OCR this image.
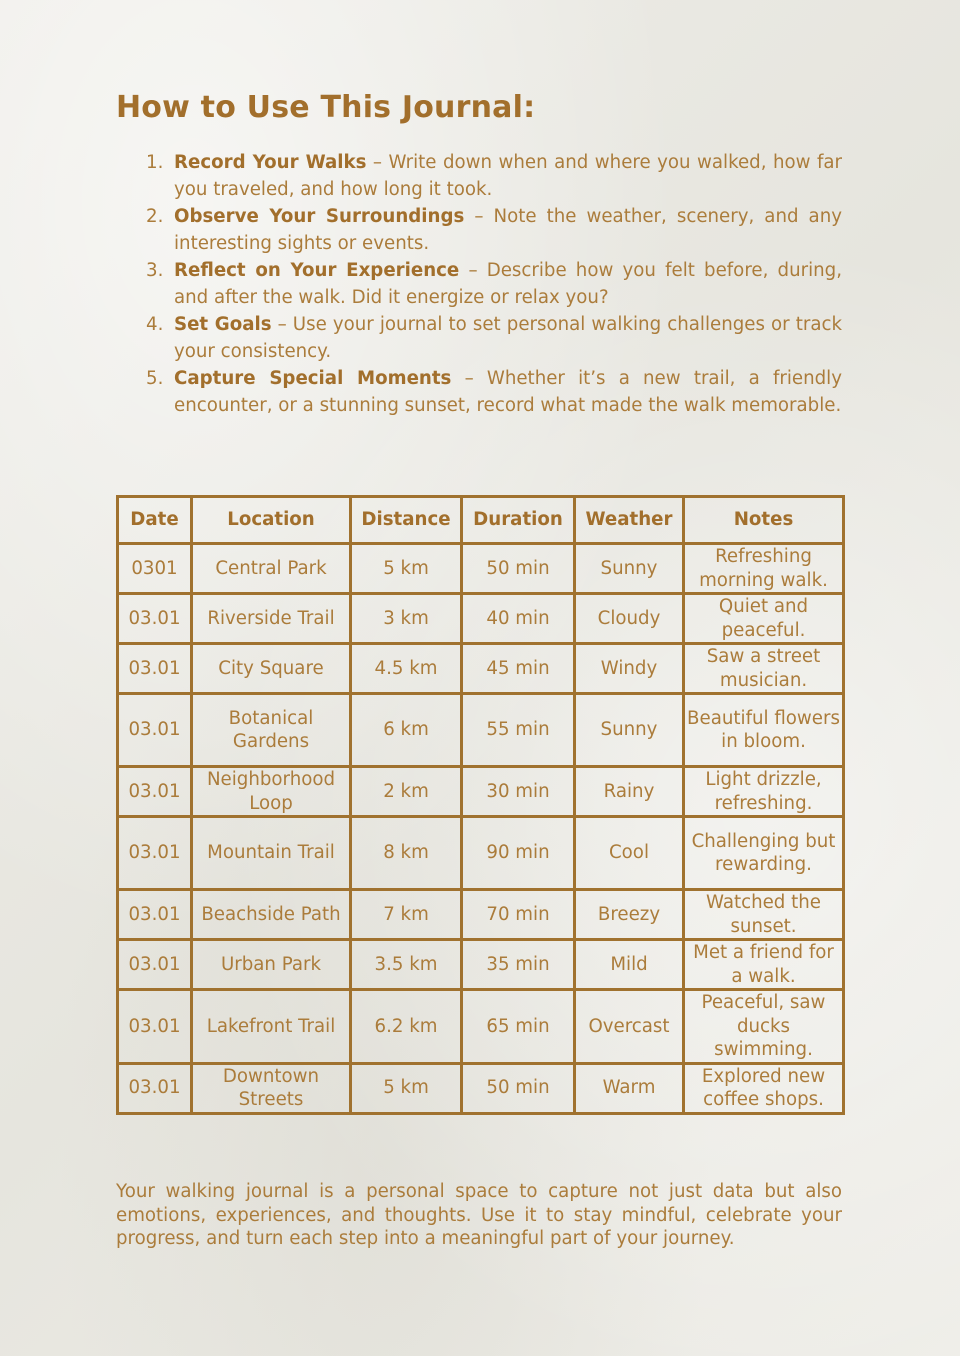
How to Use This Journal:
1. Record Your Walks – Write down when and where you walked, how far you traveled, and how long it took.
2. Observe Your Surroundings – Note the weather, scenery, and any interesting sights or events.
3. Reflect on Your Experience – Describe how you felt before, during, and after the walk. Did it energize or relax you?
4. Set Goals – Use your journal to set personal walking challenges or track your consistency.
5. Capture Special Moments – Whether it’s a new trail, a friendly encounter, or a stunning sunset, record what made the walk memorable.
Date	Location	Distance	Duration	Weather	Notes
0301	Central Park	5 km	50 min	Sunny	Refreshing morning walk.
03.01	Riverside Trail	3 km	40 min	Cloudy	Quiet and peaceful.
03.01	City Square	4.5 km	45 min	Windy	Saw a street musician.
03.01	Botanical Gardens	6 km	55 min	Sunny	Beautiful flowers in bloom.
03.01	Neighborhood Loop	2 km	30 min	Rainy	Light drizzle, refreshing.
03.01	Mountain Trail	8 km	90 min	Cool	Challenging but rewarding.
03.01	Beachside Path	7 km	70 min	Breezy	Watched the sunset.
03.01	Urban Park	3.5 km	35 min	Mild	Met a friend for a walk.
03.01	Lakefront Trail	6.2 km	65 min	Overcast	Peaceful, saw ducks swimming.
03.01	Downtown Streets	5 km	50 min	Warm	Explored new coffee shops.

Your walking journal is a personal space to capture not just data but also emotions, experiences, and thoughts. Use it to stay mindful, celebrate your progress, and turn each step into a meaningful part of your journey.
